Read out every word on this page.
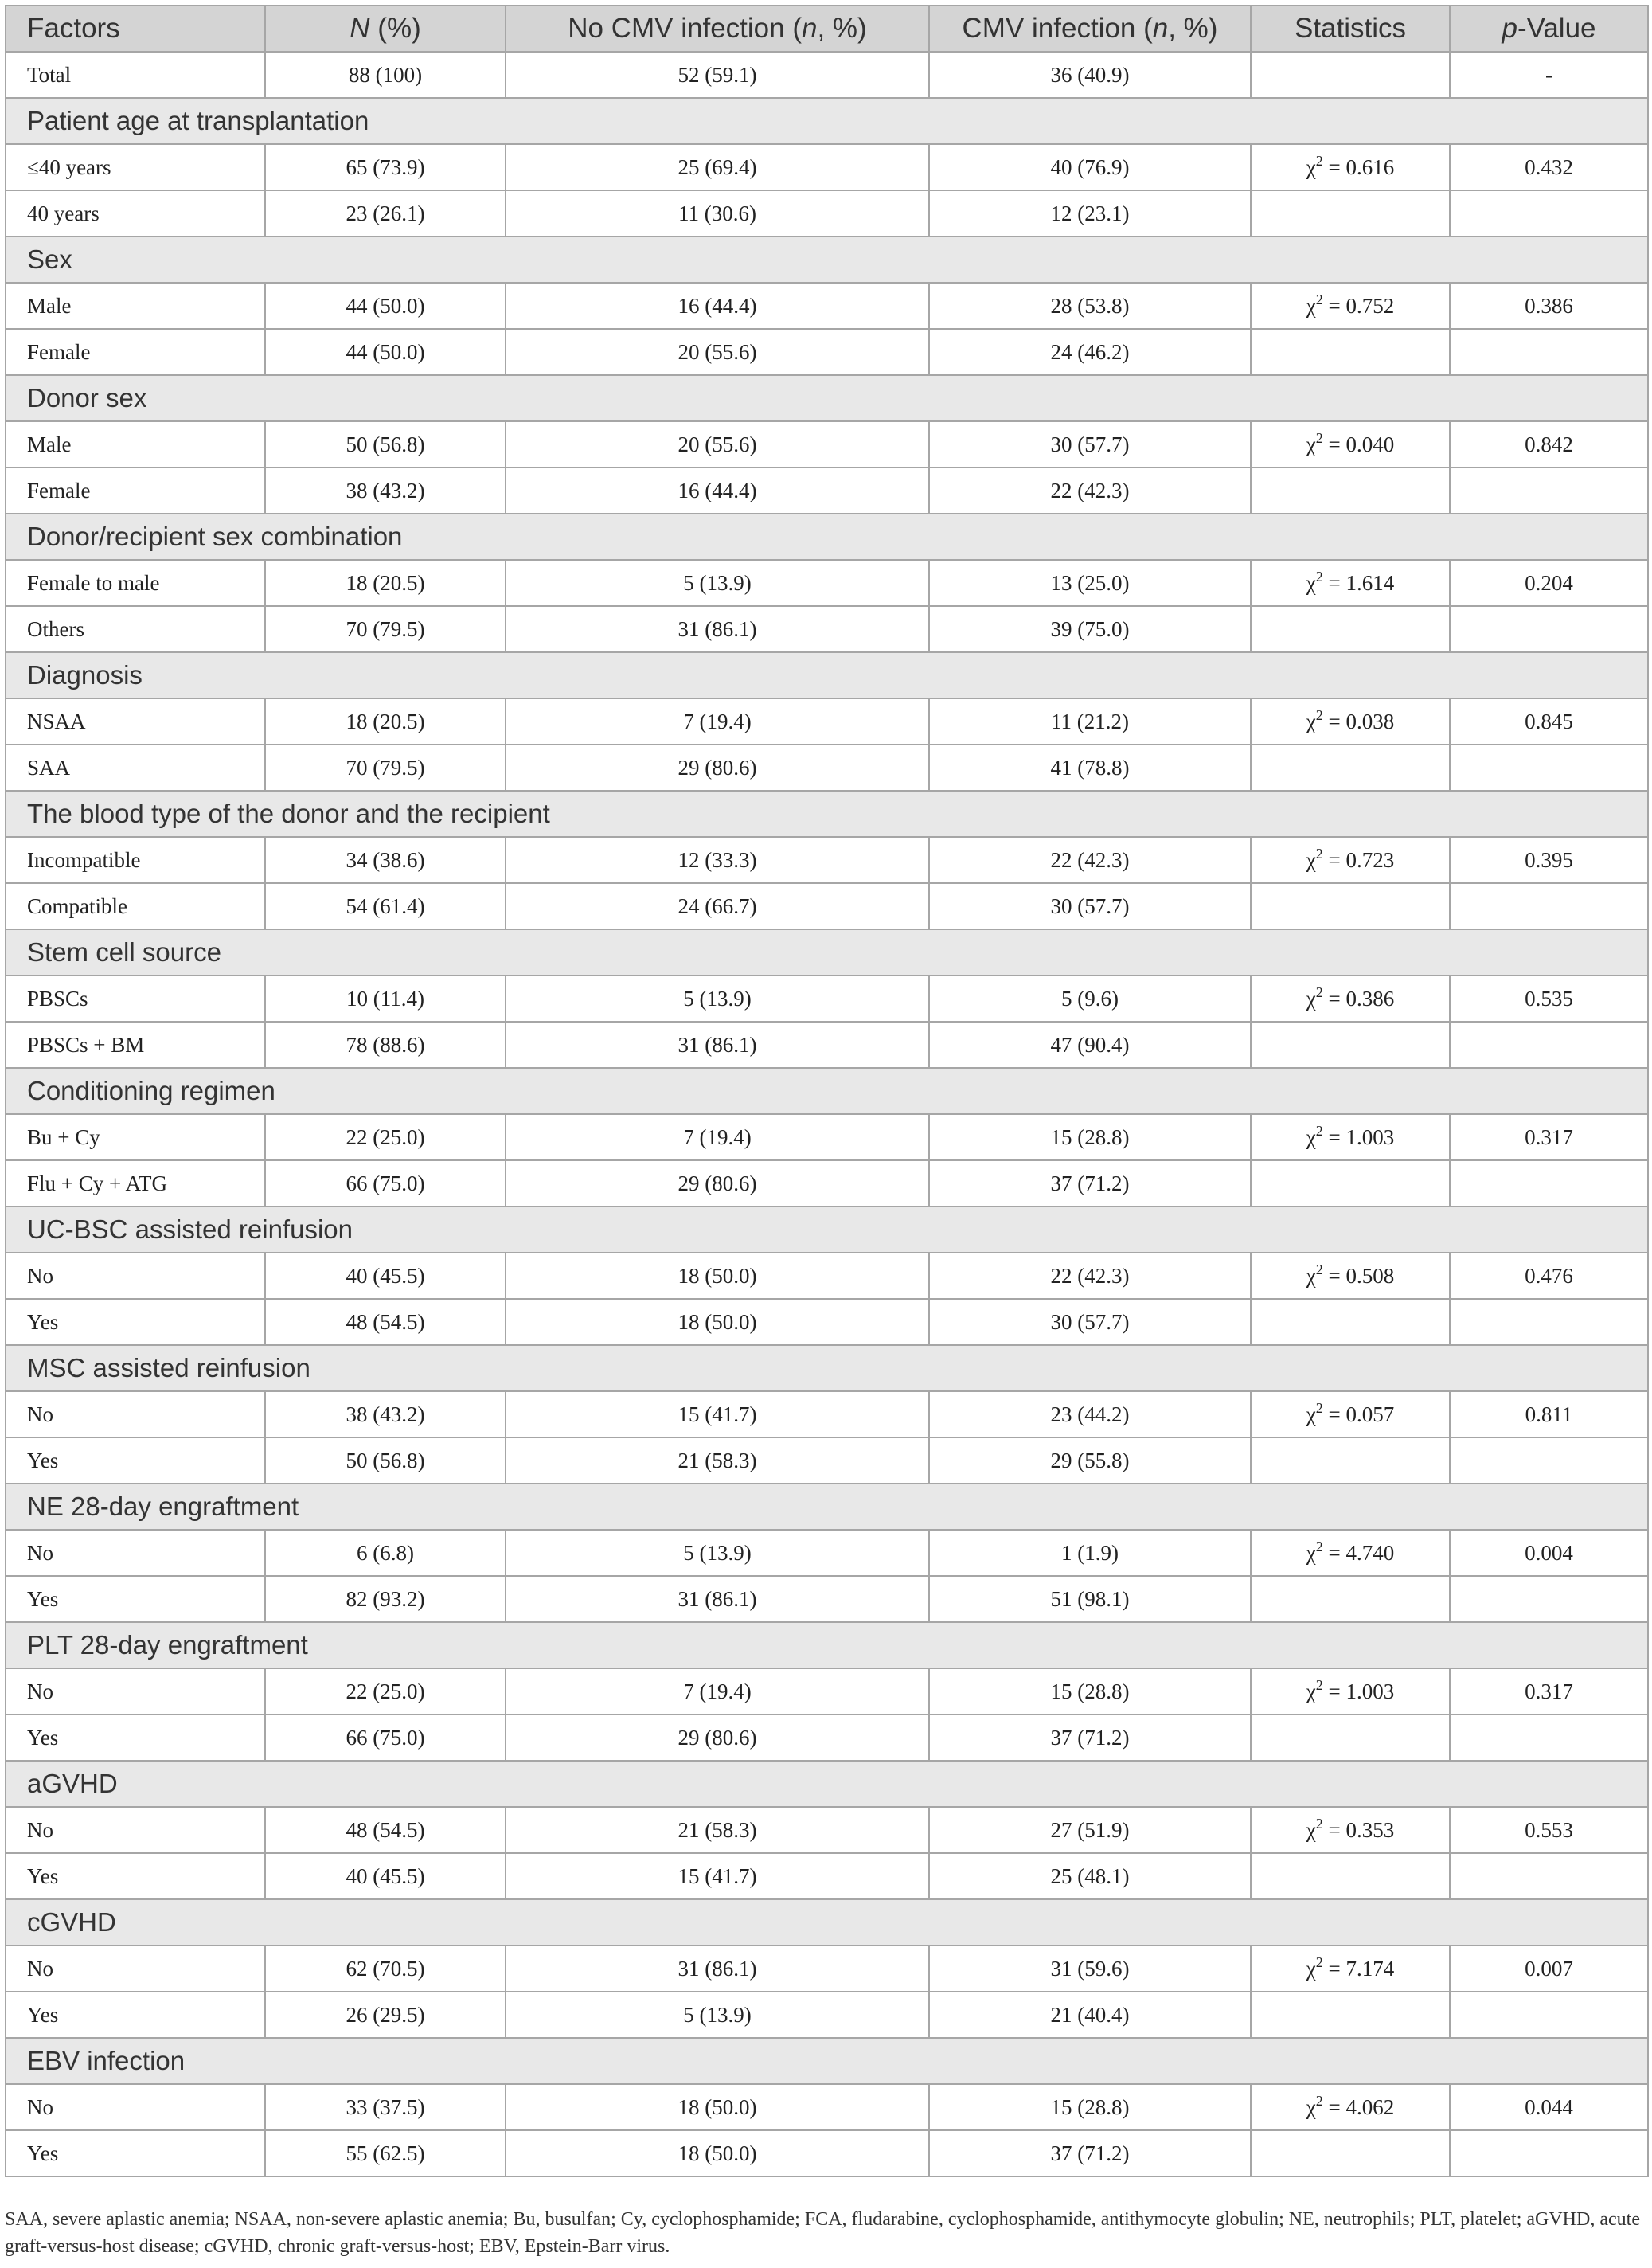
Factors	N (%)	No CMV infection (n, %)	CMV infection (n, %)	Statistics	p-Value
Total	88 (100)	52 (59.1)	36 (40.9)		-
Patient age at transplantation					
≤40 years	65 (73.9)	25 (69.4)	40 (76.9)	$\chi^2 = 0.616$	0.432
40 years	23 (26.1)	11 (30.6)	12 (23.1)		
Sex					
Male	44 (50.0)	16 (44.4)	28 (53.8)	$\chi^2 = 0.752$	0.386
Female	44 (50.0)	20 (55.6)	24 (46.2)		
Donor sex					
Male	50 (56.8)	20 (55.6)	30 (57.7)	$\chi^2 = 0.040$	0.842
Female	38 (43.2)	16 (44.4)	22 (42.3)		
Donor/recipient sex combination					
Female to male	18 (20.5)	5 (13.9)	13 (25.0)	$\chi^2 = 1.614$	0.204
Others	70 (79.5)	31 (86.1)	39 (75.0)		
Diagnosis					
NSAA	18 (20.5)	7 (19.4)	11 (21.2)	$\chi^2 = 0.038$	0.845
SAA	70 (79.5)	29 (80.6)	41 (78.8)		
The blood type of the donor and the recipient					
Incompatible	34 (38.6)	12 (33.3)	22 (42.3)	$\chi^2 = 0.723$	0.395
Compatible	54 (61.4)	24 (66.7)	30 (57.7)		
Stem cell source					
PBSCs	10 (11.4)	5 (13.9)	5 (9.6)	$\chi^2 = 0.386$	0.535
PBSCs + BM	78 (88.6)	31 (86.1)	47 (90.4)		
Conditioning regimen					
Bu + Cy	22 (25.0)	7 (19.4)	15 (28.8)	$\chi^2 = 1.003$	0.317
Flu + Cy + ATG	66 (75.0)	29 (80.6)	37 (71.2)		
UC-BSC assisted reinfusion					
No	40 (45.5)	18 (50.0)	22 (42.3)	$\chi^2 = 0.508$	0.476
Yes	48 (54.5)	18 (50.0)	30 (57.7)		
MSC assisted reinfusion					
No	38 (43.2)	15 (41.7)	23 (44.2)	$\chi^2 = 0.057$	0.811
Yes	50 (56.8)	21 (58.3)	29 (55.8)		
NE 28-day engraftment					
No	6 (6.8)	5 (13.9)	1 (1.9)	$\chi^2 = 4.740$	0.004
Yes	82 (93.2)	31 (86.1)	51 (98.1)		
PLT 28-day engraftment					
No	22 (25.0)	7 (19.4)	15 (28.8)	$\chi^2 = 1.003$	0.317
Yes	66 (75.0)	29 (80.6)	37 (71.2)		
aGVHD					
No	48 (54.5)	21 (58.3)	27 (51.9)	$\chi^2 = 0.353$	0.553
Yes	40 (45.5)	15 (41.7)	25 (48.1)		
cGVHD					
No	62 (70.5)	31 (86.1)	31 (59.6)	$\chi^2 = 7.174$	0.007
Yes	26 (29.5)	5 (13.9)	21 (40.4)		
EBV infection					
No	33 (37.5)	18 (50.0)	15 (28.8)	$\chi^2 = 4.062$	0.044
Yes	55 (62.5)	18 (50.0)	37 (71.2)		
SAA, severe aplastic anemia; NSAA, non-severe aplastic anemia; Bu, busulfan; Cy, cyclophosphamide; FCA, fludarabine, cyclophosphamide, antithymocyte globulin; NE, neutrophils; PLT, platelet; aGVHD, acute graft-versus-host disease; cGVHD, chronic graft-versus-host; EBV, Epstein-Barr virus.
